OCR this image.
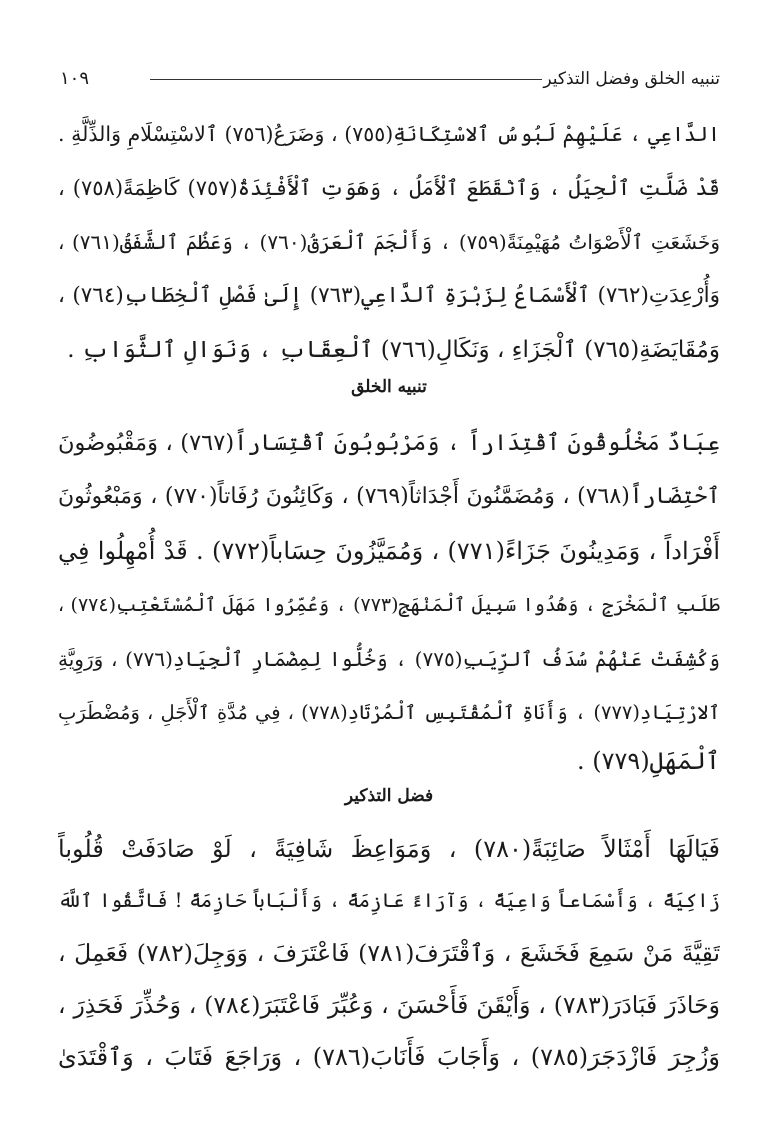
تنبيه الخلق وفضل التذكير
١٠٩
الدَّاعِي ، عَلَيْهِمْ لَبُوسُ ٱلاسْتِكَانَةِ(٧٥٥) ، وَضَرَعُ(٧٥٦) ٱلاسْتِسْلَامِ وَالذِّلَّةِ .
قَدْ ضَلَّتِ ٱلْحِيَلُ ، وَٱنْقَطَعَ ٱلْأَمَلُ ، وَهَوَتِ ٱلْأَفْئِدَةُ(٧٥٧) كَاظِمَةً(٧٥٨) ،
وَخَشَعَتِ ٱلْأَصْوَاتُ مُهَيْمِنَةً(٧٥٩) ، وَأَلْجَمَ ٱلْعَرَقُ(٧٦٠) ، وَعَظُمَ ٱلشَّفَقُ(٧٦١) ،
وَأُرْعِدَتِ(٧٦٢) ٱلْأَسْمَاعُ لِزَبْرَةِ ٱلدَّاعِي(٧٦٣) إِلَىٰ فَصْلِ ٱلْخِطَابِ(٧٦٤) ،
وَمُقَايَضَةِ(٧٦٥) ٱلْجَزَاءِ ، وَنَكَالِ(٧٦٦) ٱلْعِقَابِ ، وَنَوَالِ ٱلثَّوَابِ .
تنبيه الخلق
عِبَادٌ مَخْلُوقُونَ ٱقْتِدَاراً ، وَمَرْبُوبُونَ ٱقْتِسَاراً(٧٦٧) ، وَمَقْبُوضُونَ
ٱحْتِضَاراً(٧٦٨) ، وَمُضَمَّنُونَ أَجْدَاثاً(٧٦٩) ، وَكَائِنُونَ رُفَاتاً(٧٧٠) ، وَمَبْعُوثُونَ
أَفْرَاداً ، وَمَدِينُونَ جَزَاءً(٧٧١) ، وَمُمَيَّزُونَ حِسَاباً(٧٧٢) . قَدْ أُمْهِلُوا فِي
طَلَبِ ٱلْمَخْرَجِ ، وَهُدُوا سَبِيلَ ٱلْمَنْهَجِ(٧٧٣) ، وَعُمِّرُوا مَهَلَ ٱلْمُسْتَعْتِبِ(٧٧٤) ،
وَكُشِفَتْ عَنْهُمْ سُدَفُ ٱلرِّيَبِ(٧٧٥) ، وَخُلُّوا لِمِضْمَارِ ٱلْجِيَادِ(٧٧٦) ، وَرَوِيَّةِ
ٱلارْتِيَادِ(٧٧٧) ، وَأَنَاةِ ٱلْمُقْتَبِسِ ٱلْمُرْتَادِ(٧٧٨) ، فِي مُدَّةِ ٱلْأَجَلِ ، وَمُضْطَرَبِ
ٱلْمَهَلِ(٧٧٩) .
فضل التذكير
فَيَالَهَا أَمْثَالاً صَائِبَةً(٧٨٠) ، وَمَوَاعِظَ شَافِيَةً ، لَوْ صَادَفَتْ قُلُوباً
زَاكِيَةً ، وَأَسْمَاعاً وَاعِيَةً ، وَآرَاءً عَازِمَةً ، وَأَلْبَاباً حَازِمَةً ! فَاتَّقُوا ٱللَّهَ
تَقِيَّةَ مَنْ سَمِعَ فَخَشَعَ ، وَٱقْتَرَفَ(٧٨١) فَاعْتَرَفَ ، وَوَجِلَ(٧٨٢) فَعَمِلَ ،
وَحَاذَرَ فَبَادَرَ(٧٨٣) ، وَأَيْقَنَ فَأَحْسَنَ ، وَعُبِّرَ فَاعْتَبَرَ(٧٨٤) ، وَحُذِّرَ فَحَذِرَ ،
وَزُجِرَ فَازْدَجَرَ(٧٨٥) ، وَأَجَابَ فَأَنَابَ(٧٨٦) ، وَرَاجَعَ فَتَابَ ، وَٱقْتَدَىٰ
